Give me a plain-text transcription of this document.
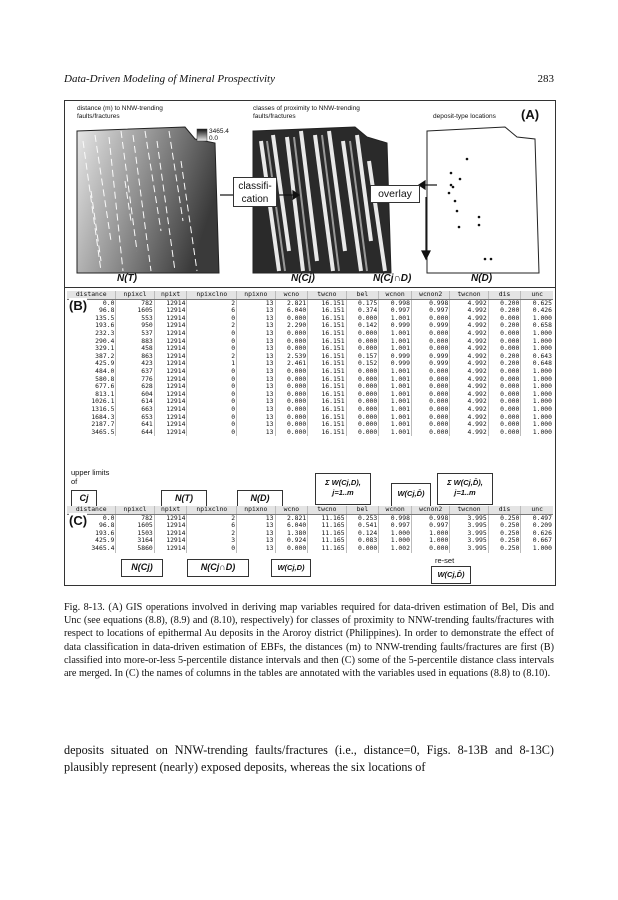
Data-Driven Modeling of Mineral Prospectivity	283
distance (m) to NNW-trending faults/fractures
3465.4
0.0
classes of proximity to NNW-trending faults/fractures	deposit-type locations (A)
classifi-cation	overlay
N(T)	N(Cj)	N(Cj∩D)	N(D)
(B)
distance	npixcl	npixt	npixclno	npixno	wcno	twcno	bel	wcnon	wcnon2	twcnon	dis	unc
0.0	782	12914	2	13	2.821	16.151	0.175	0.998	0.998	4.992	0.200	0.625
96.8	1605	12914	6	13	6.040	16.151	0.374	0.997	0.997	4.992	0.200	0.426
135.5	553	12914	0	13	0.000	16.151	0.000	1.001	0.000	4.992	0.000	1.000
193.6	950	12914	2	13	2.290	16.151	0.142	0.999	0.999	4.992	0.200	0.658
232.3	537	12914	0	13	0.000	16.151	0.000	1.001	0.000	4.992	0.000	1.000
290.4	883	12914	0	13	0.000	16.151	0.000	1.001	0.000	4.992	0.000	1.000
329.1	458	12914	0	13	0.000	16.151	0.000	1.001	0.000	4.992	0.000	1.000
387.2	863	12914	2	13	2.539	16.151	0.157	0.999	0.999	4.992	0.200	0.643
425.9	423	12914	1	13	2.461	16.151	0.152	0.999	0.999	4.992	0.200	0.648
484.0	637	12914	0	13	0.000	16.151	0.000	1.001	0.000	4.992	0.000	1.000
580.8	776	12914	0	13	0.000	16.151	0.000	1.001	0.000	4.992	0.000	1.000
677.6	628	12914	0	13	0.000	16.151	0.000	1.001	0.000	4.992	0.000	1.000
813.1	604	12914	0	13	0.000	16.151	0.000	1.001	0.000	4.992	0.000	1.000
1026.1	614	12914	0	13	0.000	16.151	0.000	1.001	0.000	4.992	0.000	1.000
1316.5	663	12914	0	13	0.000	16.151	0.000	1.001	0.000	4.992	0.000	1.000
1684.3	653	12914	0	13	0.000	16.151	0.000	1.001	0.000	4.992	0.000	1.000
2187.7	641	12914	0	13	0.000	16.151	0.000	1.001	0.000	4.992	0.000	1.000
3465.5	644	12914	0	13	0.000	16.151	0.000	1.001	0.000	4.992	0.000	1.000
upper limits of
Cj	N(T)	N(D)
Σ W(Cj,D), j=1..m	W(Cj,D̄)
Σ W(Cj,D̄), j=1..m
(C)
distance	npixcl	npixt	npixclno	npixno	wcno	twcno	bel	wcnon	wcnon2	twcnon	dis	unc
0.0	782	12914	2	13	2.821	11.165	0.253	0.998	0.998	3.995	0.250	0.497
96.8	1605	12914	6	13	6.040	11.165	0.541	0.997	0.997	3.995	0.250	0.209
193.6	1503	12914	2	13	1.380	11.165	0.124	1.000	1.000	3.995	0.250	0.626
425.9	3164	12914	3	13	0.924	11.165	0.083	1.000	1.000	3.995	0.250	0.667
3465.4	5860	12914	0	13	0.000	11.165	0.000	1.002	0.000	3.995	0.250	1.000
N(Cj)	N(Cj∩D)	W(Cj,D)
re-set
W(Cj,D̄)
Fig. 8-13. (A) GIS operations involved in deriving map variables required for data-driven estimation of Bel, Dis and Unc (see equations (8.8), (8.9) and (8.10), respectively) for classes of proximity to NNW-trending faults/fractures with respect to locations of epithermal Au deposits in the Aroroy district (Philippines). In order to demonstrate the effect of data classification in data-driven estimation of EBFs, the distances (m) to NNW-trending faults/fractures are first (B) classified into more-or-less 5-percentile distance intervals and then (C) some of the 5-percentile distance class intervals are merged. In (C) the names of columns in the tables are annotated with the variables used in equations (8.8) to (8.10).
deposits situated on NNW-trending faults/fractures (i.e., distance=0, Figs. 8-13B and 8-13C) plausibly represent (nearly) exposed deposits, whereas the six locations of
